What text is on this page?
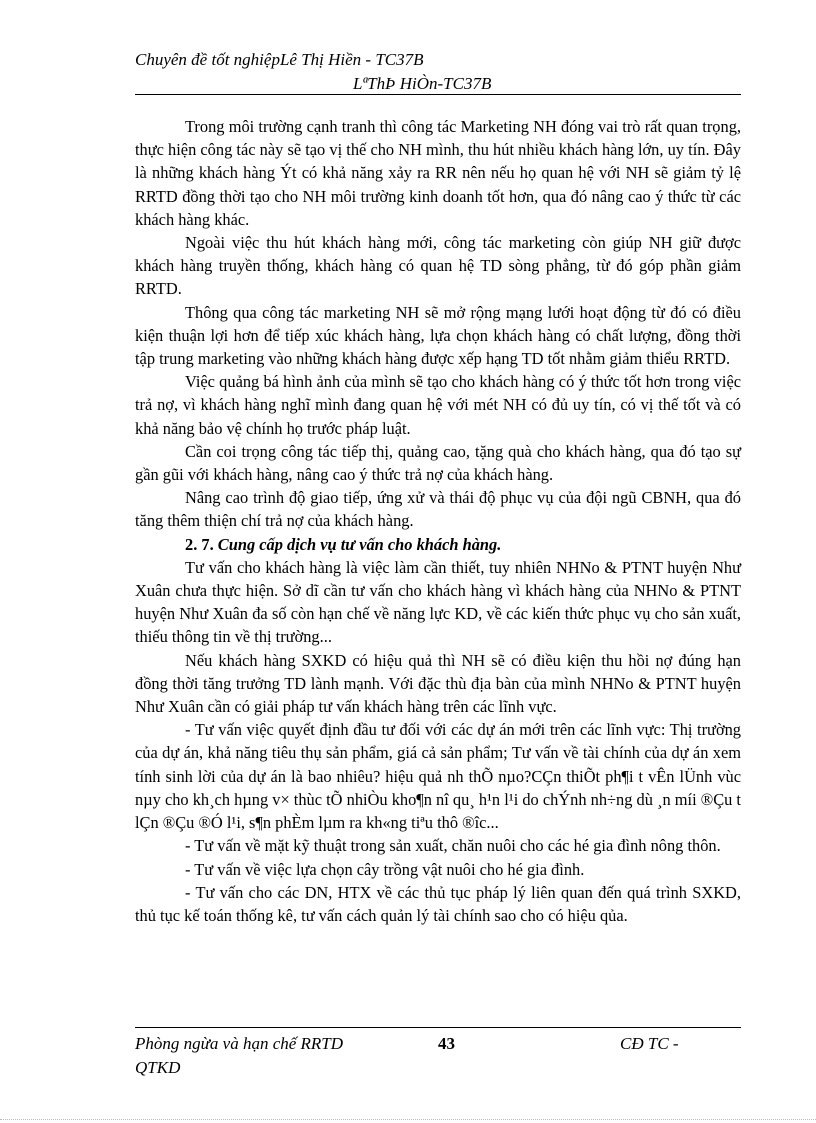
Chuyên đề tốt nghiệpLê Thị Hiền - TC37B
LªThÞ HiÒn-TC37B

Trong môi trường cạnh tranh thì công tác Marketing NH đóng vai trò rất quan trọng, thực hiện công tác này sẽ tạo vị thế cho NH mình, thu hút nhiều khách hàng lớn, uy tín. Đây là những khách hàng Ýt có khả năng xảy ra RR nên nếu họ quan hệ với NH sẽ giảm tỷ lệ RRTD đồng thời tạo cho NH môi trường kinh doanh tốt hơn, qua đó nâng cao ý thức từ các khách hàng khác.

Ngoài việc thu hút khách hàng mới, công tác marketing còn giúp NH giữ được khách hàng truyền thống, khách hàng có quan hệ TD sòng phẳng, từ đó góp phần giảm RRTD.

Thông qua công tác marketing NH sẽ mở rộng mạng lưới hoạt động từ đó có điều kiện thuận lợi hơn để tiếp xúc khách hàng, lựa chọn khách hàng có chất lượng, đồng thời tập trung marketing vào những khách hàng được xếp hạng TD tốt nhằm giảm thiểu RRTD.

Việc quảng bá hình ảnh của mình sẽ tạo cho khách hàng có ý thức tốt hơn trong việc trả nợ, vì khách hàng nghĩ mình đang quan hệ với mét NH có đủ uy tín, có vị thế tốt và có khả năng bảo vệ chính họ trước pháp luật.

Cần coi trọng công tác tiếp thị, quảng cao, tặng quà cho khách hàng, qua đó tạo sự gần gũi với khách hàng, nâng cao ý thức trả nợ của khách hàng.

Nâng cao trình độ giao tiếp, ứng xử và thái độ phục vụ của đội ngũ CBNH, qua đó tăng thêm thiện chí trả nợ của khách hàng.

2. 7. Cung cấp dịch vụ tư vấn cho khách hàng.

Tư vấn cho khách hàng là việc làm cần thiết, tuy nhiên NHNo & PTNT huyện Như Xuân chưa thực hiện. Sở dĩ cần tư vấn cho khách hàng vì khách hàng của NHNo & PTNT huyện Như Xuân đa số còn hạn chế về năng lực KD, về các kiến thức phục vụ cho sản xuất, thiếu thông tin về thị trường...

Nếu khách hàng SXKD có hiệu quả thì NH sẽ có điều kiện thu hồi nợ đúng hạn đồng thời tăng trưởng TD lành mạnh. Với đặc thù địa bàn của mình NHNo & PTNT huyện Như Xuân cần có giải pháp tư vấn khách hàng trên các lĩnh vực.

- Tư vấn việc quyết định đầu tư đối với các dự án mới trên các lĩnh vực: Thị trường của dự án, khả năng tiêu thụ sản phẩm, giá cả sản phẩm; Tư vấn về tài chính của dự án xem tính sinh lời của dự án là bao nhiêu? hiệu quả nh thÕ nµo?CÇn thiÕt ph¶i t vÊn lÜnh vùc nµy cho kh¸ch hµng v× thùc tÕ nhiÒu kho¶n nî qu¸ h¹n l¹i do chÝnh nh÷ng dù ¸n míi ®Çu t lÇn ®Çu ®Ó l¹i, s¶n phÈm lµm ra kh«ng tiªu thô ®îc...

- Tư vấn về mặt kỹ thuật trong sản xuất, chăn nuôi cho các hé gia đình nông thôn.

- Tư vấn về việc lựa chọn cây trồng vật nuôi cho hé gia đình.

- Tư vấn cho các DN, HTX về các thủ tục pháp lý liên quan đến quá trình SXKD, thủ tục kế toán thống kê, tư vấn cách quản lý tài chính sao cho có hiệu qủa.

Phòng ngừa và hạn chế RRTD	43	CĐ TC -
QTKD
